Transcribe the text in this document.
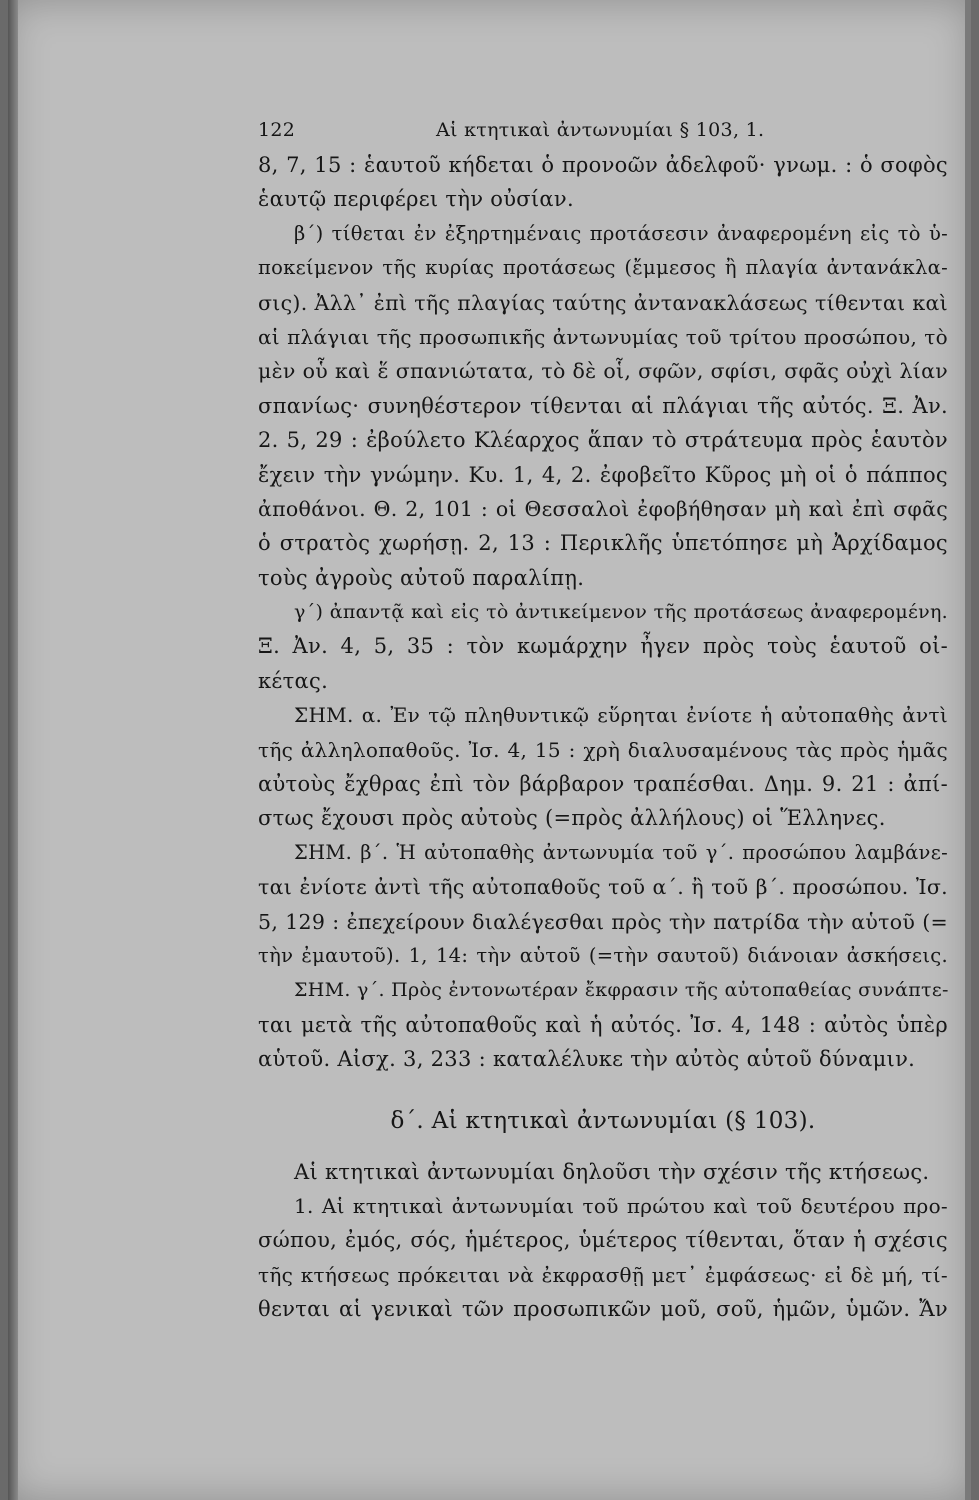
122	Αἱ κτητικαὶ ἀντωνυμίαι § 103, 1.
8, 7, 15 : ἑαυτοῦ κήδεται ὁ προνοῶν ἀδελφοῦ· γνωμ. : ὁ σοφὸς
ἑαυτῷ περιφέρει τὴν οὐσίαν.
β΄) τίθεται ἐν ἐξηρτημέναις προτάσεσιν ἀναφερομένη εἰς τὸ ὑ-
ποκείμενον τῆς κυρίας προτάσεως (ἔμμεσος ἢ πλαγία ἀντανάκλα-
σις). Ἀλλ᾽ ἐπὶ τῆς πλαγίας ταύτης ἀντανακλάσεως τίθενται καὶ
αἱ πλάγιαι τῆς προσωπικῆς ἀντωνυμίας τοῦ τρίτου προσώπου, τὸ
μὲν οὗ καὶ ἕ σπανιώτατα, τὸ δὲ οἷ, σφῶν, σφίσι, σφᾶς οὐχὶ λίαν
σπανίως· συνηθέστερον τίθενται αἱ πλάγιαι τῆς αὐτός. Ξ. Ἀν.
2. 5, 29 : ἐβούλετο Κλέαρχος ἅπαν τὸ στράτευμα πρὸς ἑαυτὸν
ἔχειν τὴν γνώμην. Κυ. 1, 4, 2. ἐφοβεῖτο Κῦρος μὴ οἱ ὁ πάππος
ἀποθάνοι. Θ. 2, 101 : οἱ Θεσσαλοὶ ἐφοβήθησαν μὴ καὶ ἐπὶ σφᾶς
ὁ στρατὸς χωρήσῃ. 2, 13 : Περικλῆς ὑπετόπησε μὴ Ἀρχίδαμος
τοὺς ἀγροὺς αὐτοῦ παραλίπῃ.
γ΄) ἀπαντᾷ καὶ εἰς τὸ ἀντικείμενον τῆς προτάσεως ἀναφερομένη.
Ξ. Ἀν. 4, 5, 35 : τὸν κωμάρχην ἦγεν πρὸς τοὺς ἑαυτοῦ οἰ-
κέτας.
ΣΗΜ. α. Ἐν τῷ πληθυντικῷ εὕρηται ἐνίοτε ἡ αὐτοπαθὴς ἀντὶ
τῆς ἀλληλοπαθοῦς. Ἰσ. 4, 15 : χρὴ διαλυσαμένους τὰς πρὸς ἡμᾶς
αὐτοὺς ἔχθρας ἐπὶ τὸν βάρβαρον τραπέσθαι. Δημ. 9. 21 : ἀπί-
στως ἔχουσι πρὸς αὐτοὺς (=πρὸς ἀλλήλους) οἱ Ἕλληνες.
ΣΗΜ. β΄. Ἡ αὐτοπαθὴς ἀντωνυμία τοῦ γ΄. προσώπου λαμβάνε-
ται ἐνίοτε ἀντὶ τῆς αὐτοπαθοῦς τοῦ α΄. ἢ τοῦ β΄. προσώπου. Ἰσ.
5, 129 : ἐπεχείρουν διαλέγεσθαι πρὸς τὴν πατρίδα τὴν αὑτοῦ (=
τὴν ἐμαυτοῦ). 1, 14: τὴν αὑτοῦ (=τὴν σαυτοῦ) διάνοιαν ἀσκήσεις.
ΣΗΜ. γ΄. Πρὸς ἐντονωτέραν ἔκφρασιν τῆς αὐτοπαθείας συνάπτε-
ται μετὰ τῆς αὐτοπαθοῦς καὶ ἡ αὐτός. Ἰσ. 4, 148 : αὐτὸς ὑπὲρ
αὑτοῦ. Αἰσχ. 3, 233 : καταλέλυκε τὴν αὐτὸς αὑτοῦ δύναμιν.
δ΄. Αἱ κτητικαὶ ἀντωνυμίαι (§ 103).
Αἱ κτητικαὶ ἀντωνυμίαι δηλοῦσι τὴν σχέσιν τῆς κτήσεως.
1. Αἱ κτητικαὶ ἀντωνυμίαι τοῦ πρώτου καὶ τοῦ δευτέρου προ-
σώπου, ἐμός, σός, ἡμέτερος, ὑμέτερος τίθενται, ὅταν ἡ σχέσις
τῆς κτήσεως πρόκειται νὰ ἐκφρασθῇ μετ᾽ ἐμφάσεως· εἰ δὲ μή, τί-
θενται αἱ γενικαὶ τῶν προσωπικῶν μοῦ, σοῦ, ἡμῶν, ὑμῶν. Ἄν
